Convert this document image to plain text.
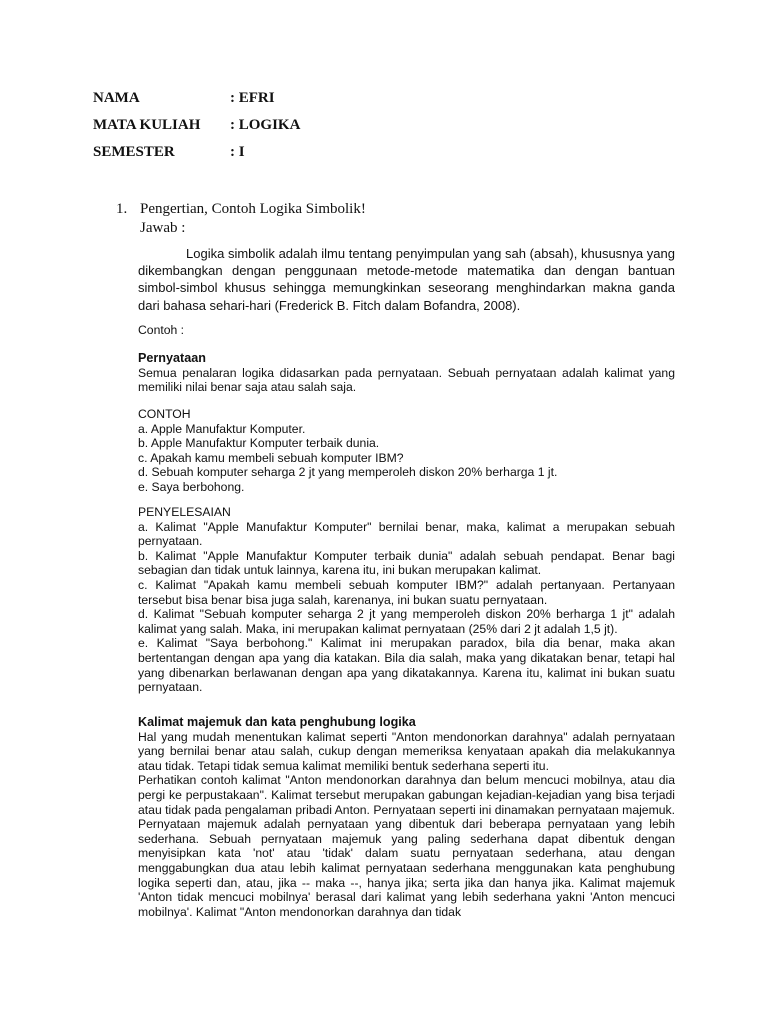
NAMA	: EFRI
MATA KULIAH : LOGIKA
SEMESTER	: I
1. Pengertian, Contoh Logika Simbolik!
Jawab :
Logika simbolik adalah ilmu tentang penyimpulan yang sah (absah), khususnya yang dikembangkan dengan penggunaan metode-metode matematika dan dengan bantuan simbol-simbol khusus sehingga memungkinkan seseorang menghindarkan makna ganda dari bahasa sehari-hari (Frederick B. Fitch dalam Bofandra, 2008).
Contoh :

Pernyataan

Semua penalaran logika didasarkan pada pernyataan. Sebuah pernyataan adalah kalimat yang memiliki nilai benar saja atau salah saja.

CONTOH

a. Apple Manufaktur Komputer.

b. Apple Manufaktur Komputer terbaik dunia.

c. Apakah kamu membeli sebuah komputer IBM?

d. Sebuah komputer seharga 2 jt yang memperoleh diskon 20% berharga 1 jt.

e. Saya berbohong.

PENYELESAIAN

a. Kalimat "Apple Manufaktur Komputer" bernilai benar, maka, kalimat a merupakan sebuah pernyataan.

b. Kalimat "Apple Manufaktur Komputer terbaik dunia" adalah sebuah pendapat. Benar bagi sebagian dan tidak untuk lainnya, karena itu, ini bukan merupakan kalimat.

c. Kalimat "Apakah kamu membeli sebuah komputer IBM?" adalah pertanyaan. Pertanyaan tersebut bisa benar bisa juga salah, karenanya, ini bukan suatu pernyataan.

d. Kalimat "Sebuah komputer seharga 2 jt yang memperoleh diskon 20% berharga 1 jt" adalah kalimat yang salah. Maka, ini merupakan kalimat pernyataan (25% dari 2 jt adalah 1,5 jt).

e. Kalimat "Saya berbohong." Kalimat ini merupakan paradox, bila dia benar, maka akan bertentangan dengan apa yang dia katakan. Bila dia salah, maka yang dikatakan benar, tetapi hal yang dibenarkan berlawanan dengan apa yang dikatakannya. Karena itu, kalimat ini bukan suatu pernyataan.

Kalimat majemuk dan kata penghubung logika

Hal yang mudah menentukan kalimat seperti "Anton mendonorkan darahnya" adalah pernyataan yang bernilai benar atau salah, cukup dengan memeriksa kenyataan apakah dia melakukannya atau tidak. Tetapi tidak semua kalimat memiliki bentuk sederhana seperti itu.

Perhatikan contoh kalimat "Anton mendonorkan darahnya dan belum mencuci mobilnya, atau dia pergi ke perpustakaan". Kalimat tersebut merupakan gabungan kejadian-kejadian yang bisa terjadi atau tidak pada pengalaman pribadi Anton. Pernyataan seperti ini dinamakan pernyataan majemuk. Pernyataan majemuk adalah pernyataan yang dibentuk dari beberapa pernyataan yang lebih sederhana. Sebuah pernyataan majemuk yang paling sederhana dapat dibentuk dengan menyisipkan kata 'not' atau 'tidak' dalam suatu pernyataan sederhana, atau dengan menggabungkan dua atau lebih kalimat pernyataan sederhana menggunakan kata penghubung logika seperti dan, atau, jika -- maka --, hanya jika; serta jika dan hanya jika. Kalimat majemuk 'Anton tidak mencuci mobilnya' berasal dari kalimat yang lebih sederhana yakni 'Anton mencuci mobilnya'. Kalimat "Anton mendonorkan darahnya dan tidak
